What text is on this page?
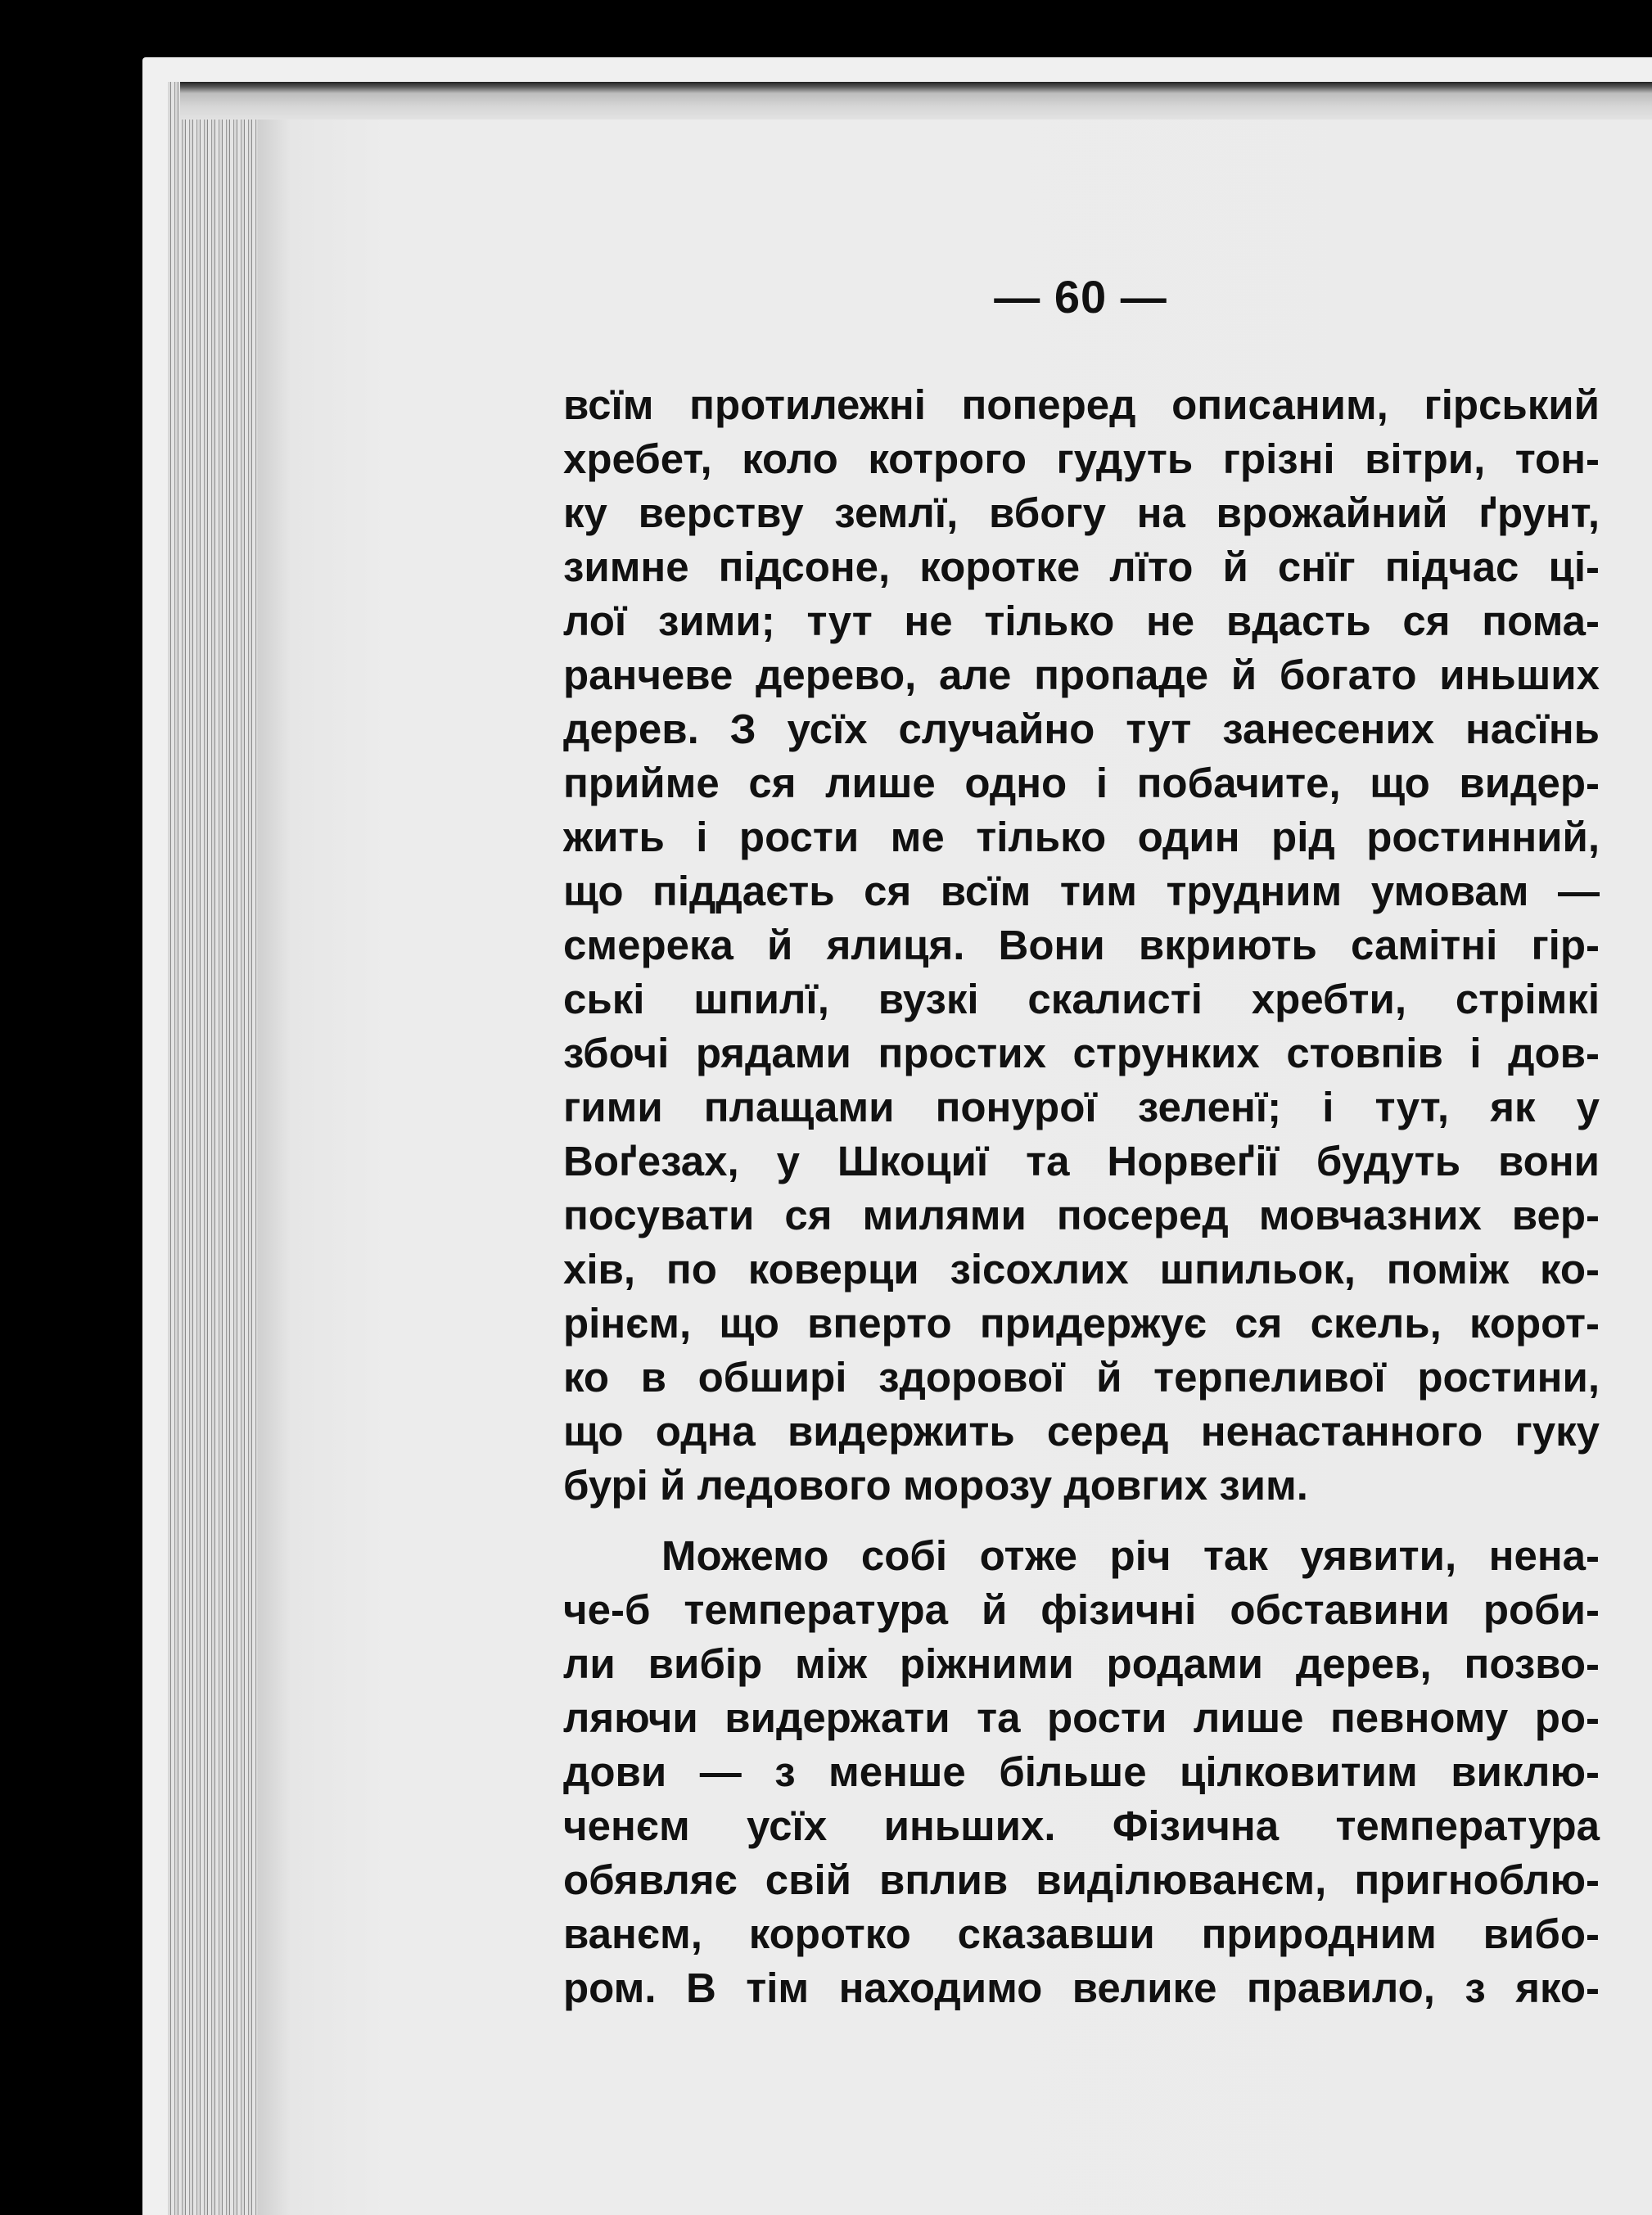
— 60 —
всїм протилежні поперед описаним, гірський
хребет, коло котрого гудуть грізні вітри, тон-
ку верству землї, вбогу на врожайний ґрунт,
зимне підсоне, коротке лїто й снїг підчас ці-
лої зими; тут не тілько не вдасть ся пома-
ранчеве дерево, але пропаде й богато иньших
дерев. З усїх случайно тут занесених насїнь
прийме ся лише одно і побачите, що видер-
жить і рости ме тілько один рід ростинний,
що піддаєть ся всїм тим трудним умовам —
смерека й ялиця. Вони вкриють самітні гір-
ські шпилї, вузкі скалисті хребти, стрімкі
збочі рядами простих струнких стовпів і дов-
гими плащами понурої зеленї; і тут, як у
Воґезах, у Шкоциї та Норвеґії будуть вони
посувати ся милями посеред мовчазних вер-
хів, по коверци зісохлих шпильок, поміж ко-
рінєм, що вперто придержує ся скель, корот-
ко в обширі здорової й терпеливої ростини,
що одна видержить серед ненастанного гуку
бурі й ледового морозу довгих зим.
Можемо собі отже річ так уявити, нена-
че-б температура й фізичні обставини роби-
ли вибір між ріжними родами дерев, позво-
ляючи видержати та рости лише певному ро-
дови — з менше більше цілковитим виклю-
ченєм усїх иньших. Фізична температура
обявляє свій вплив виділюванєм, пригноблю-
ванєм, коротко сказавши природним вибо-
ром. В тім находимо велике правило, з яко-
